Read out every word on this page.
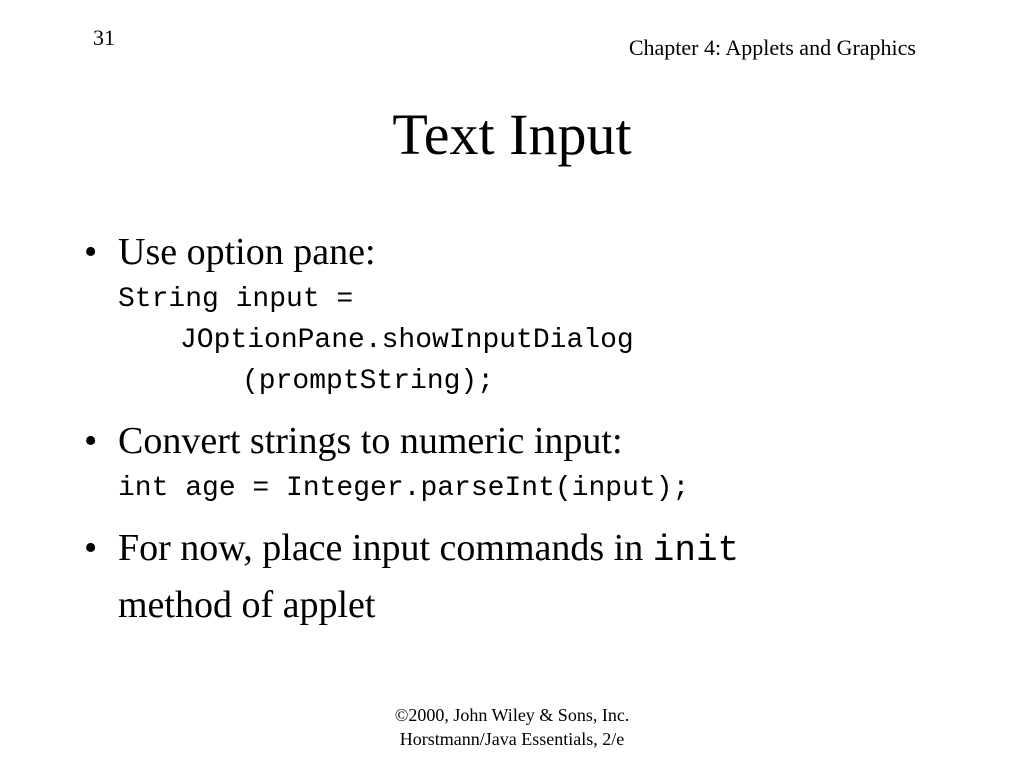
31	Chapter 4: Applets and Graphics
Text Input
• Use option pane:
String input =
JOptionPane.showInputDialog
(promptString);
• Convert strings to numeric input:
int age = Integer.parseInt(input);
• For now, place input commands in init
method of applet
©2000, John Wiley & Sons, Inc.
Horstmann/Java Essentials, 2/e
